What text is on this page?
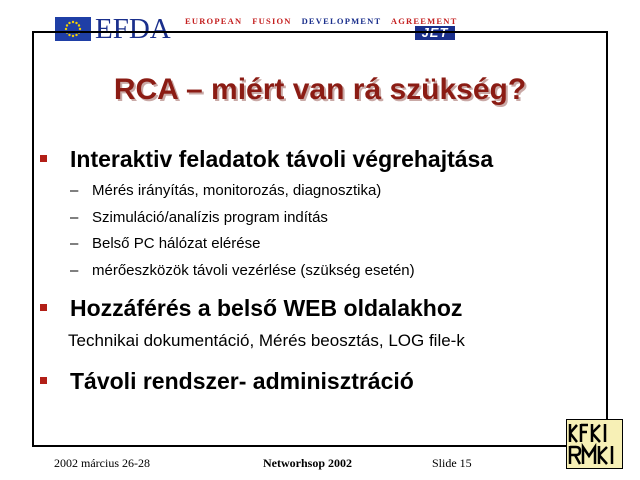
EFDA EUROPEAN FUSION DEVELOPMENT AGREEMENT
JET
RCA – miért van rá szükség?
Interaktiv feladatok távoli végrehajtása
– Mérés irányítás, monitorozás, diagnosztika)
– Szimuláció/analízis program indítás
– Belső PC hálózat elérése
– mérőeszközök távoli vezérlése (szükség esetén)
Hozzáférés a belső WEB oldalakhoz
Technikai dokumentáció, Mérés beosztás, LOG file-k
Távoli rendszer- adminisztráció
2002 március 26-28	Networhsop 2002	Slide 15
